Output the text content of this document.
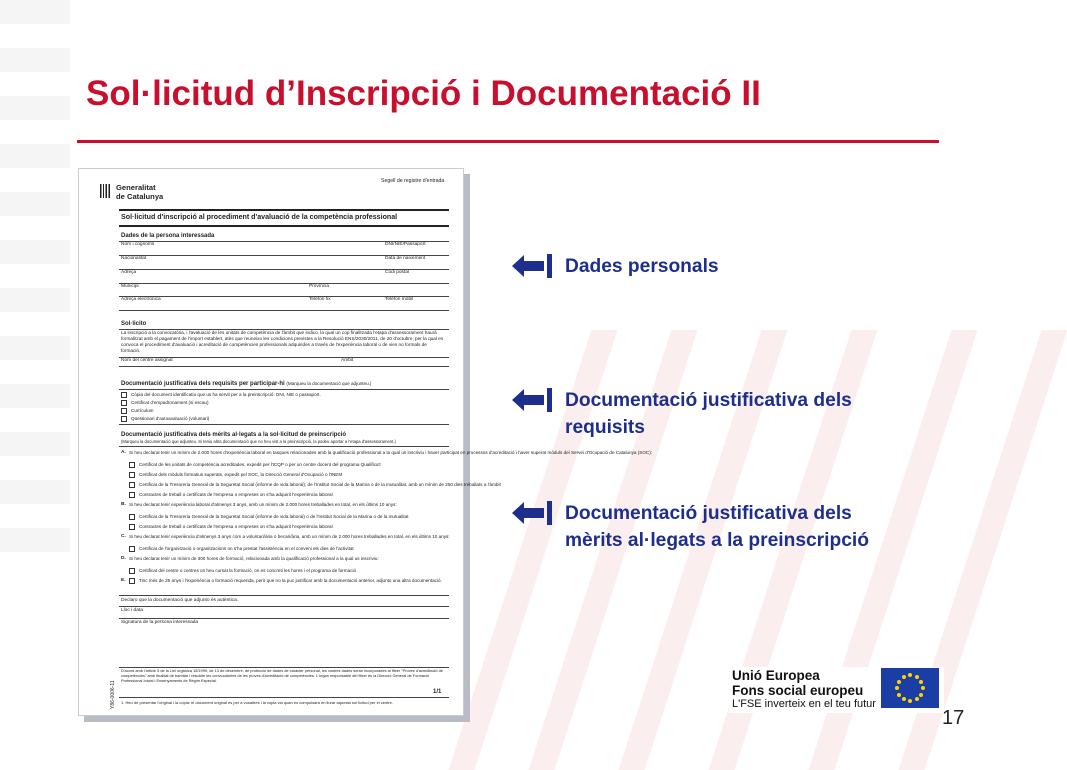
Sol·licitud d’Inscripció i Documentació II
Segell de registre d'entrada
Generalitat
de Catalunya
Sol·licitud d'inscripció al procediment d'avaluació de la competència professional
Dades de la persona interessada
Nom i cognoms	DNI/NIE/Passaport
Nacionalitat	Data de naixement
Adreça	Codi postal
Municipi	Província
Adreça electrònica	Telèfon fix	Telèfon mòbil
Sol·licito
La inscripció a la convocatòria, i l'avaluació de les unitats de competència de l'àmbit que indico, la qual un cop finalitzada l'etapa d'assessorament haurà formalitzat amb el pagament de l'import establert, atès que reuneixo les condicions previstes a la Resolució ENS/2030/2011, de 20 d'octubre, per la qual es convoca el procediment d'avaluació i acreditació de competències professionals adquirides a través de l'experiència laboral o de vies no formals de formació.
Nom del centre assignat	Àmbit
Documentació justificativa dels requisits per participar-hi (Marqueu la documentació que adjunteu.)
Còpia del document identificatiu que us ha servit per a la preinscripció: DNI, NIE o passaport.
Certificat d'empadronament (si escau)
Currículum
Qüestionari d'autoavaluació (voluntari)
Documentació justificativa dels mèrits al·legats a la sol·licitud de preinscripció
(Marqueu la documentació que adjunteu. Si teniu altra documentació que no heu vist a la preinscripció, la podeu aportar a l'etapa d'assessorament.)
Declaro que la documentació que adjunto és autèntica.
Lloc i data
Signatura de la persona interessada
D'acord amb l'article 5 de la Llei orgànica 15/1999, de 13 de desembre, de protecció de dades de caràcter personal, les vostres dades seran incorporades al fitxer "Proves d'acreditació de competències" amb finalitat de tramitar i resoldre les convocatòries de les proves d'acreditació de competències. L'òrgan responsable del fitxer és la Direcció General de Formació Professional Inicial i Ensenyaments de Règim Especial.
1. Heu de presentar l'original i la còpia: el document original es per a vosaltres i la còpia via quan es compulsarà en llurar aquesta sol·licitud per el centre.
1/1
Y86-0006-11
A. Si heu declarat tenir un mínim de 2.000 hores d'experiència laboral en tasques relacionades amb la qualificació professional a la qual us inscriviu i haver participat en processos d'acreditació i haver superat mòduls del Servei d'Ocupació de Catalunya (SOC):
Certificat de les unitats de competència acreditades, expedit per l'ICQP o per un centre docent del programa Qualifica't
Certificat dels mòduls formatius superats, expedit pel SOC, la Direcció General d'Ocupació o l'INEM
Certificat de la Tresoreria General de la Seguretat Social (informe de vida laboral), de l'Institut Social de la Marina o de la mutualitat, amb un mínim de 250 dies treballats a l'àmbit
Contractes de treball o certificats de l'empresa o empreses on s'ha adquirit l'experiència laboral
B. Si heu declarat tenir experiència laboral d'almenys 3 anys, amb un mínim de 2.000 hores treballades en total, en els últims 10 anys:
Certificat de la Tresoreria General de la Seguretat Social (informe de vida laboral) o de l'Institut Social de la Marina o de la mutualitat
Contractes de treball o certificats de l'empresa o empreses on s'ha adquirit l'experiència laboral
C. Si heu declarat tenir experiència d'almenys 3 anys com a voluntari/ària o becari/ària, amb un mínim de 2.000 hores treballades en total, en els últims 10 anys:
Certificat de l'organització o organitzacions on s'ha prestat l'assistència en el conveni els dies de l'activitat
D. Si heu declarat tenir un mínim de 300 hores de formació, relacionada amb la qualificació professional a la qual us inscriviu:
Certificat del centre o centres on heu cursat la formació, on es concreti les hores i el programa de formació
E.	Tinc més de 25 anys i l'experiència o formació requerida, però que no la puc justificar amb la documentació anterior, adjunto una altra documentació.
Dades personals
Documentació justificativa dels
requisits
Documentació justificativa dels
mèrits al·legats a la preinscripció
Unió Europea
Fons social europeu
L'FSE inverteix en el teu futur
17
